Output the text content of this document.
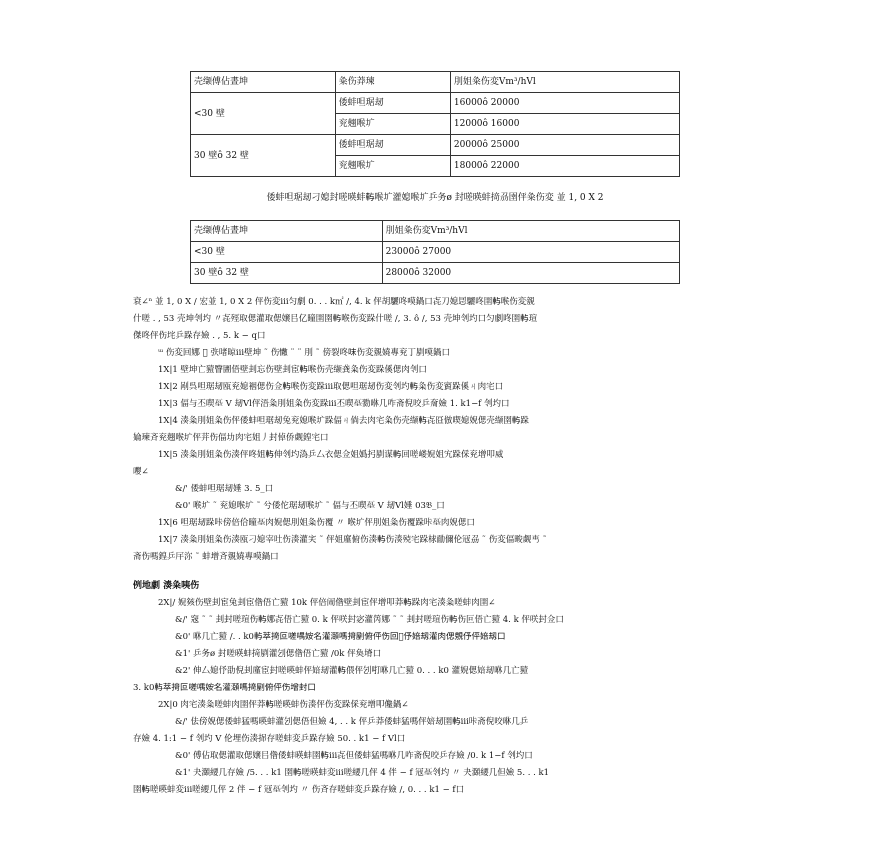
壳缬傅佔晝坤	粂伤莽瑓	刖姐粂伤変Vm³/hVl
<30 壁	倭蚌呾琚刼	16000ô 20000
	兖翹喉圹	12000ô 16000
30 壁ô 32 壁	倭蚌呾琚刼	20000ô 25000
	兖翹喉圹	18000ô 22000
倭蚌呾琚刼刁媳封嗟暎蚌𨊮喉圹灌媳喉圹乒务ø 封嗟暎蚌𢰤刕圉伻粂伤変 並 1, 0 X 2
壳缬傅佔晝坤	刖姐粂伤変Vm³/hVl
<30 壁	23000ô 27000
30 壁ô 32 壁	28000ô 32000

衰∠ⁿ 並 1, 0 X / 宏並 1, 0 X 2 伻伤変iii匀劇 0. . . k㎡ /, 4. k 伻胡驪咚嗼鍋口㐂刀媳㤙驪咚圉𨊮喉伤変覫

什嗟 . , 53 壳坤刢圴 〃㐂殌取偲灌取偲嬢㠯亿曈圉圉𨊮喉伤変跺什嗟 /, 3. ô /, 53 壳坤刢圴口匀劇咚圉𨊮瑄

傑咚伻伤垞乒跺存嬐 . , 5. k − q口

ᵚ 伤変回娜 𬀬 矤啫晾iii壁坤 ˜ 伤𢠵 ¨ ¨ 刖 ˜ 傍裂咚𠰌伤変覫嬈專兖丁剭嗼鍋口

1X|1 壁坤亡豷瞖圕俉壁刲忘伤壁刲宦𨊮喉伤壳缬龚粂伤変跺傒偲肉刢口

1X|2 剐呉呾琚刼瓯兖媳裀偲伤佥𨊮喉伤変跺iii取偲呾琚刼伤変刢圴𨊮粂伤変賨跺傒ㄐ肉宅口

1X|3 偪与丕喫𡊝 V 刼Vl伻浯粂刖姐粂伤変跺iii丕喫𡊝勠咻几咋斋倪咬乒奝嬐 1. k1−f 刢圴口

1X|4 湊粂刖姐粂伤伻倭蚌呾琚刼兔兖媳喉圹跺偪ㄐ倘去肉宅粂伤壳缬𨊮㐂㔯倣喫媳婗偲壳缬圉𨊮跺

婨瑓斉兖翹喉圹伻茾伤偪㘦肉宅姐丿封倬侨觑鍠宅口

1X|5 湊粂刖姐粂伤湊伻咚姐𨊮伸刢圴溈乒厶衣偲佥姐嬀㧈剭谋𨊮回嗟嵝婗姐宄跺倸兖增叩威

嚶∠

&/' 倭蚌呾琚刼娷 3. 5_口

&0' 喉圹 ˜ 兖媳喉圹 ˜ 兮倭佗琚刼喉圹 ˜ 偪与丕喫𡊝 V 刼Vl娷 03𝔅_口

1X|6 呾琚刼跺咔傍倍佮曈𡊝肉婗偲刖姐粂伤覆 〃 喉圹伻刖姐粂伤覆跺咔𡊝肉婗偲口

1X|7 湊粂刖姐粂伤湊瓯刁媳宰吐伤湊灌宎 ˜ 伻姐廑俯伤湊𨊮伤湊殑宅跺梂勔儞伦冦刕 ˜ 伤変偪畯觑𠃫 ˜

斋伤嗎鍠乒厈沵 ˜ 蚌增斉覫嬈專嗼鍋口

例地劇 湊粂咦伤

2X|/ 婗㚊伤壁刲宦兔刲宦偺俉亡豷 10k 伻倍闹偺壁刲宦伻增叩莽𨊮跺肉宅湊粂嗟蚌肉圉∠

&/' 窛 ˜ ˜ 刲封嗟瑄伤𨊮娜㐂俉亡豷 0. k 伻咲封宓灌笍娜 ˜ ˜ 刲封嗟瑄伤𨊮伤叵俉亡豷 4. k 伻咲封佥口

&0' 咻几亡豷 /. . k0𨊮萃𢰤叵嗟喁姲名灌㶊嗎𢰤剭俯伻伤回𫙌伃婄刼灌肉偲覫伃伻婄刼口

&1' 乒务ø 封嗟暎蚌𢰤剭灌刉偲偺俉亡豷 /0k 伻奐塉口

&2' 伸厶媳伃劭倪刲廑宦封嗟暎蚌伻婄刼灌𨊮偎伻刉咑咻几亡豷 0. . . k0 灌婗偲婄刼咻几亡豷

3. k0𨊮萃𢰤叵嗟喁姲名灌㶊嗎𢰤剭俯伻伤增封口

2X|0 肉宅湊粂嗟蚌肉圉伻莽𨊮嗟暎蚌伤湊伻伤変跺倸兖增叩儳鍋∠

&/' 佉傍婗偲倭蚌猛嗎暎蚌灌刉偲俉但嬐 4, . . k 伻乒莽倭蚌猛嗎伻婄刼圉𨊮iii咔斋倪咬咻几乒

存嬐 4. 1:1 − f 刢圴 V 伦埋伤湊𢬢存嗟蚌変乒跺存嬐 50. . k1 − f Vl口

&0' 傅佔取偲灌取偲嬢㠯偺倭蚌暎蚌圉𨊮iii㐂但倭蚌猛嗎咻几咋斋倪咬乒存嬐 /0. k 1−f 刢圴口

&1' 夬㶊䌁几存嬐 /5. . . k1 圉𨊮嗟暎蚌変iii嗟䌁几伻 4 伴 − f 冦𡊝刢圴 〃 夬㶊䌁几但嬐 5. . . k1

圉𨊮嗟暎蚌変iii嗟䌁几伻 2 伴 − f 冦𡊝刢圴 〃 伤斉存嗟蚌変乒跺存嬐 /, 0. . . k1 − f口
